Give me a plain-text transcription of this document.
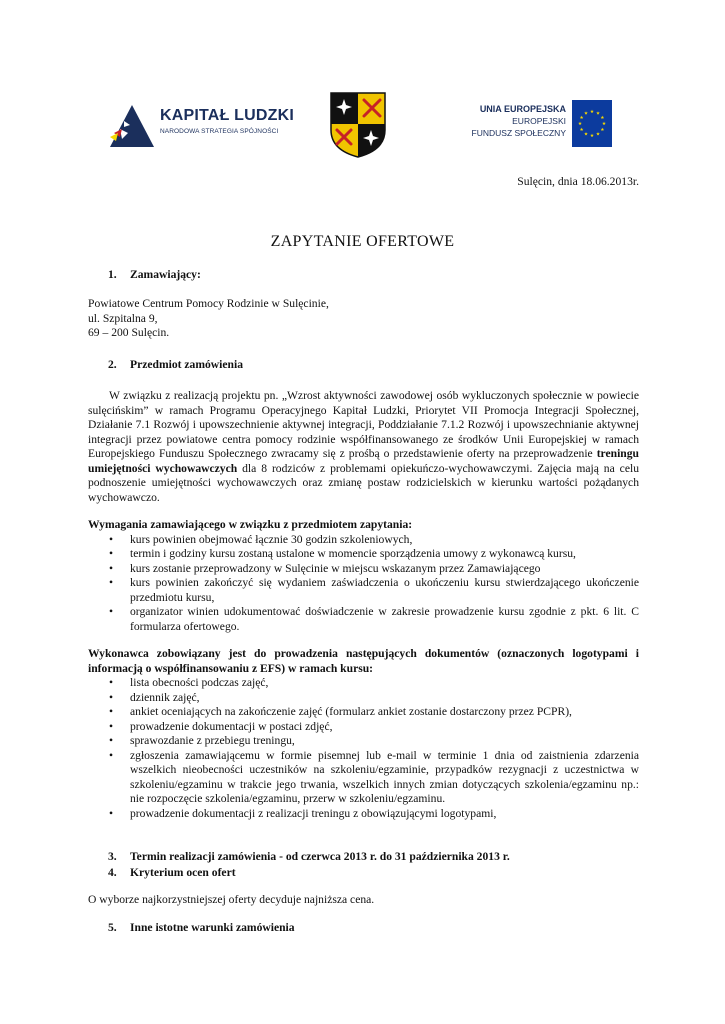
KAPITAŁ LUDZKI
NARODOWA STRATEGIA SPÓJNOŚCI
UNIA EUROPEJSKA
EUROPEJSKI
FUNDUSZ SPOŁECZNY
Sulęcin, dnia 18.06.2013r.
ZAPYTANIE OFERTOWE
1. Zamawiający:
Powiatowe Centrum Pomocy Rodzinie w Sulęcinie,
ul. Szpitalna 9,
69 – 200 Sulęcin.
2. Przedmiot zamówienia
W związku z realizacją projektu pn. „Wzrost aktywności zawodowej osób wykluczonych społecznie w powiecie sulęcińskim” w ramach Programu Operacyjnego Kapitał Ludzki, Priorytet VII Promocja Integracji Społecznej, Działanie 7.1 Rozwój i upowszechnienie aktywnej integracji, Poddziałanie 7.1.2 Rozwój i upowszechnianie aktywnej integracji przez powiatowe centra pomocy rodzinie współfinansowanego ze środków Unii Europejskiej w ramach Europejskiego Funduszu Społecznego zwracamy się z prośbą o przedstawienie oferty na przeprowadzenie treningu umiejętności wychowawczych dla 8 rodziców z problemami opiekuńczo-wychowawczymi. Zajęcia mają na celu podnoszenie umiejętności wychowawczych oraz zmianę postaw rodzicielskich w kierunku wartości pożądanych wychowawczo.
Wymagania zamawiającego w związku z przedmiotem zapytania:
• kurs powinien obejmować łącznie 30 godzin szkoleniowych,
• termin i godziny kursu zostaną ustalone w momencie sporządzenia umowy z wykonawcą kursu,
• kurs zostanie przeprowadzony w Sulęcinie w miejscu wskazanym przez Zamawiającego
• kurs powinien zakończyć się wydaniem zaświadczenia o ukończeniu kursu stwierdzającego ukończenie przedmiotu kursu,
• organizator winien udokumentować doświadczenie w zakresie prowadzenie kursu zgodnie z pkt. 6 lit. C formularza ofertowego.
Wykonawca zobowiązany jest do prowadzenia następujących dokumentów (oznaczonych logotypami i informacją o współfinansowaniu z EFS) w ramach kursu:
• lista obecności podczas zajęć,
• dziennik zajęć,
• ankiet oceniających na zakończenie zajęć (formularz ankiet zostanie dostarczony przez PCPR),
• prowadzenie dokumentacji w postaci zdjęć,
• sprawozdanie z przebiegu treningu,
• zgłoszenia zamawiającemu w formie pisemnej lub e-mail w terminie 1 dnia od zaistnienia zdarzenia wszelkich nieobecności uczestników na szkoleniu/egzaminie, przypadków rezygnacji z uczestnictwa w szkoleniu/egzaminu w trakcie jego trwania, wszelkich innych zmian dotyczących szkolenia/egzaminu np.: nie rozpoczęcie szkolenia/egzaminu, przerw w szkoleniu/egzaminu.
• prowadzenie dokumentacji z realizacji treningu z obowiązującymi logotypami,
3. Termin realizacji zamówienia - od czerwca 2013 r. do 31 października 2013 r.
4. Kryterium ocen ofert
O wyborze najkorzystniejszej oferty decyduje najniższa cena.
5. Inne istotne warunki zamówienia
